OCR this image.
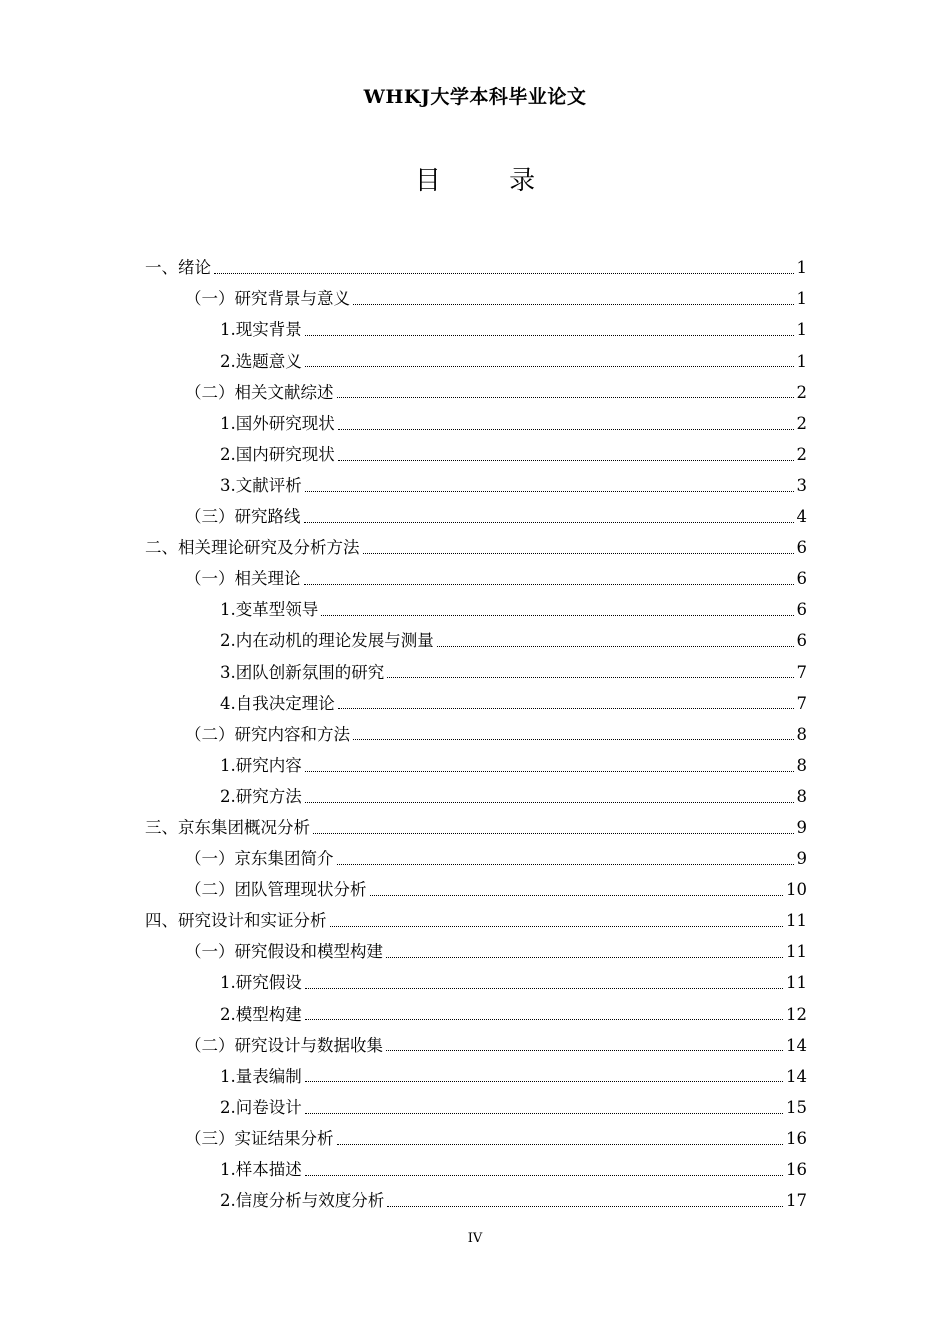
WHKJ大学本科毕业论文
目 录
一、绪论	1
（一）研究背景与意义	1
1.现实背景	1
2.选题意义	1
（二）相关文献综述	2
1.国外研究现状	2
2.国内研究现状	2
3.文献评析	3
（三）研究路线	4
二、相关理论研究及分析方法	6
（一）相关理论	6
1.变革型领导	6
2.内在动机的理论发展与测量	6
3.团队创新氛围的研究	7
4.自我决定理论	7
（二）研究内容和方法	8
1.研究内容	8
2.研究方法	8
三、京东集团概况分析	9
（一）京东集团简介	9
（二）团队管理现状分析	10
四、研究设计和实证分析	11
（一）研究假设和模型构建	11
1.研究假设	11
2.模型构建	12
（二）研究设计与数据收集	14
1.量表编制	14
2.问卷设计	15
（三）实证结果分析	16
1.样本描述	16
2.信度分析与效度分析	17
IV
